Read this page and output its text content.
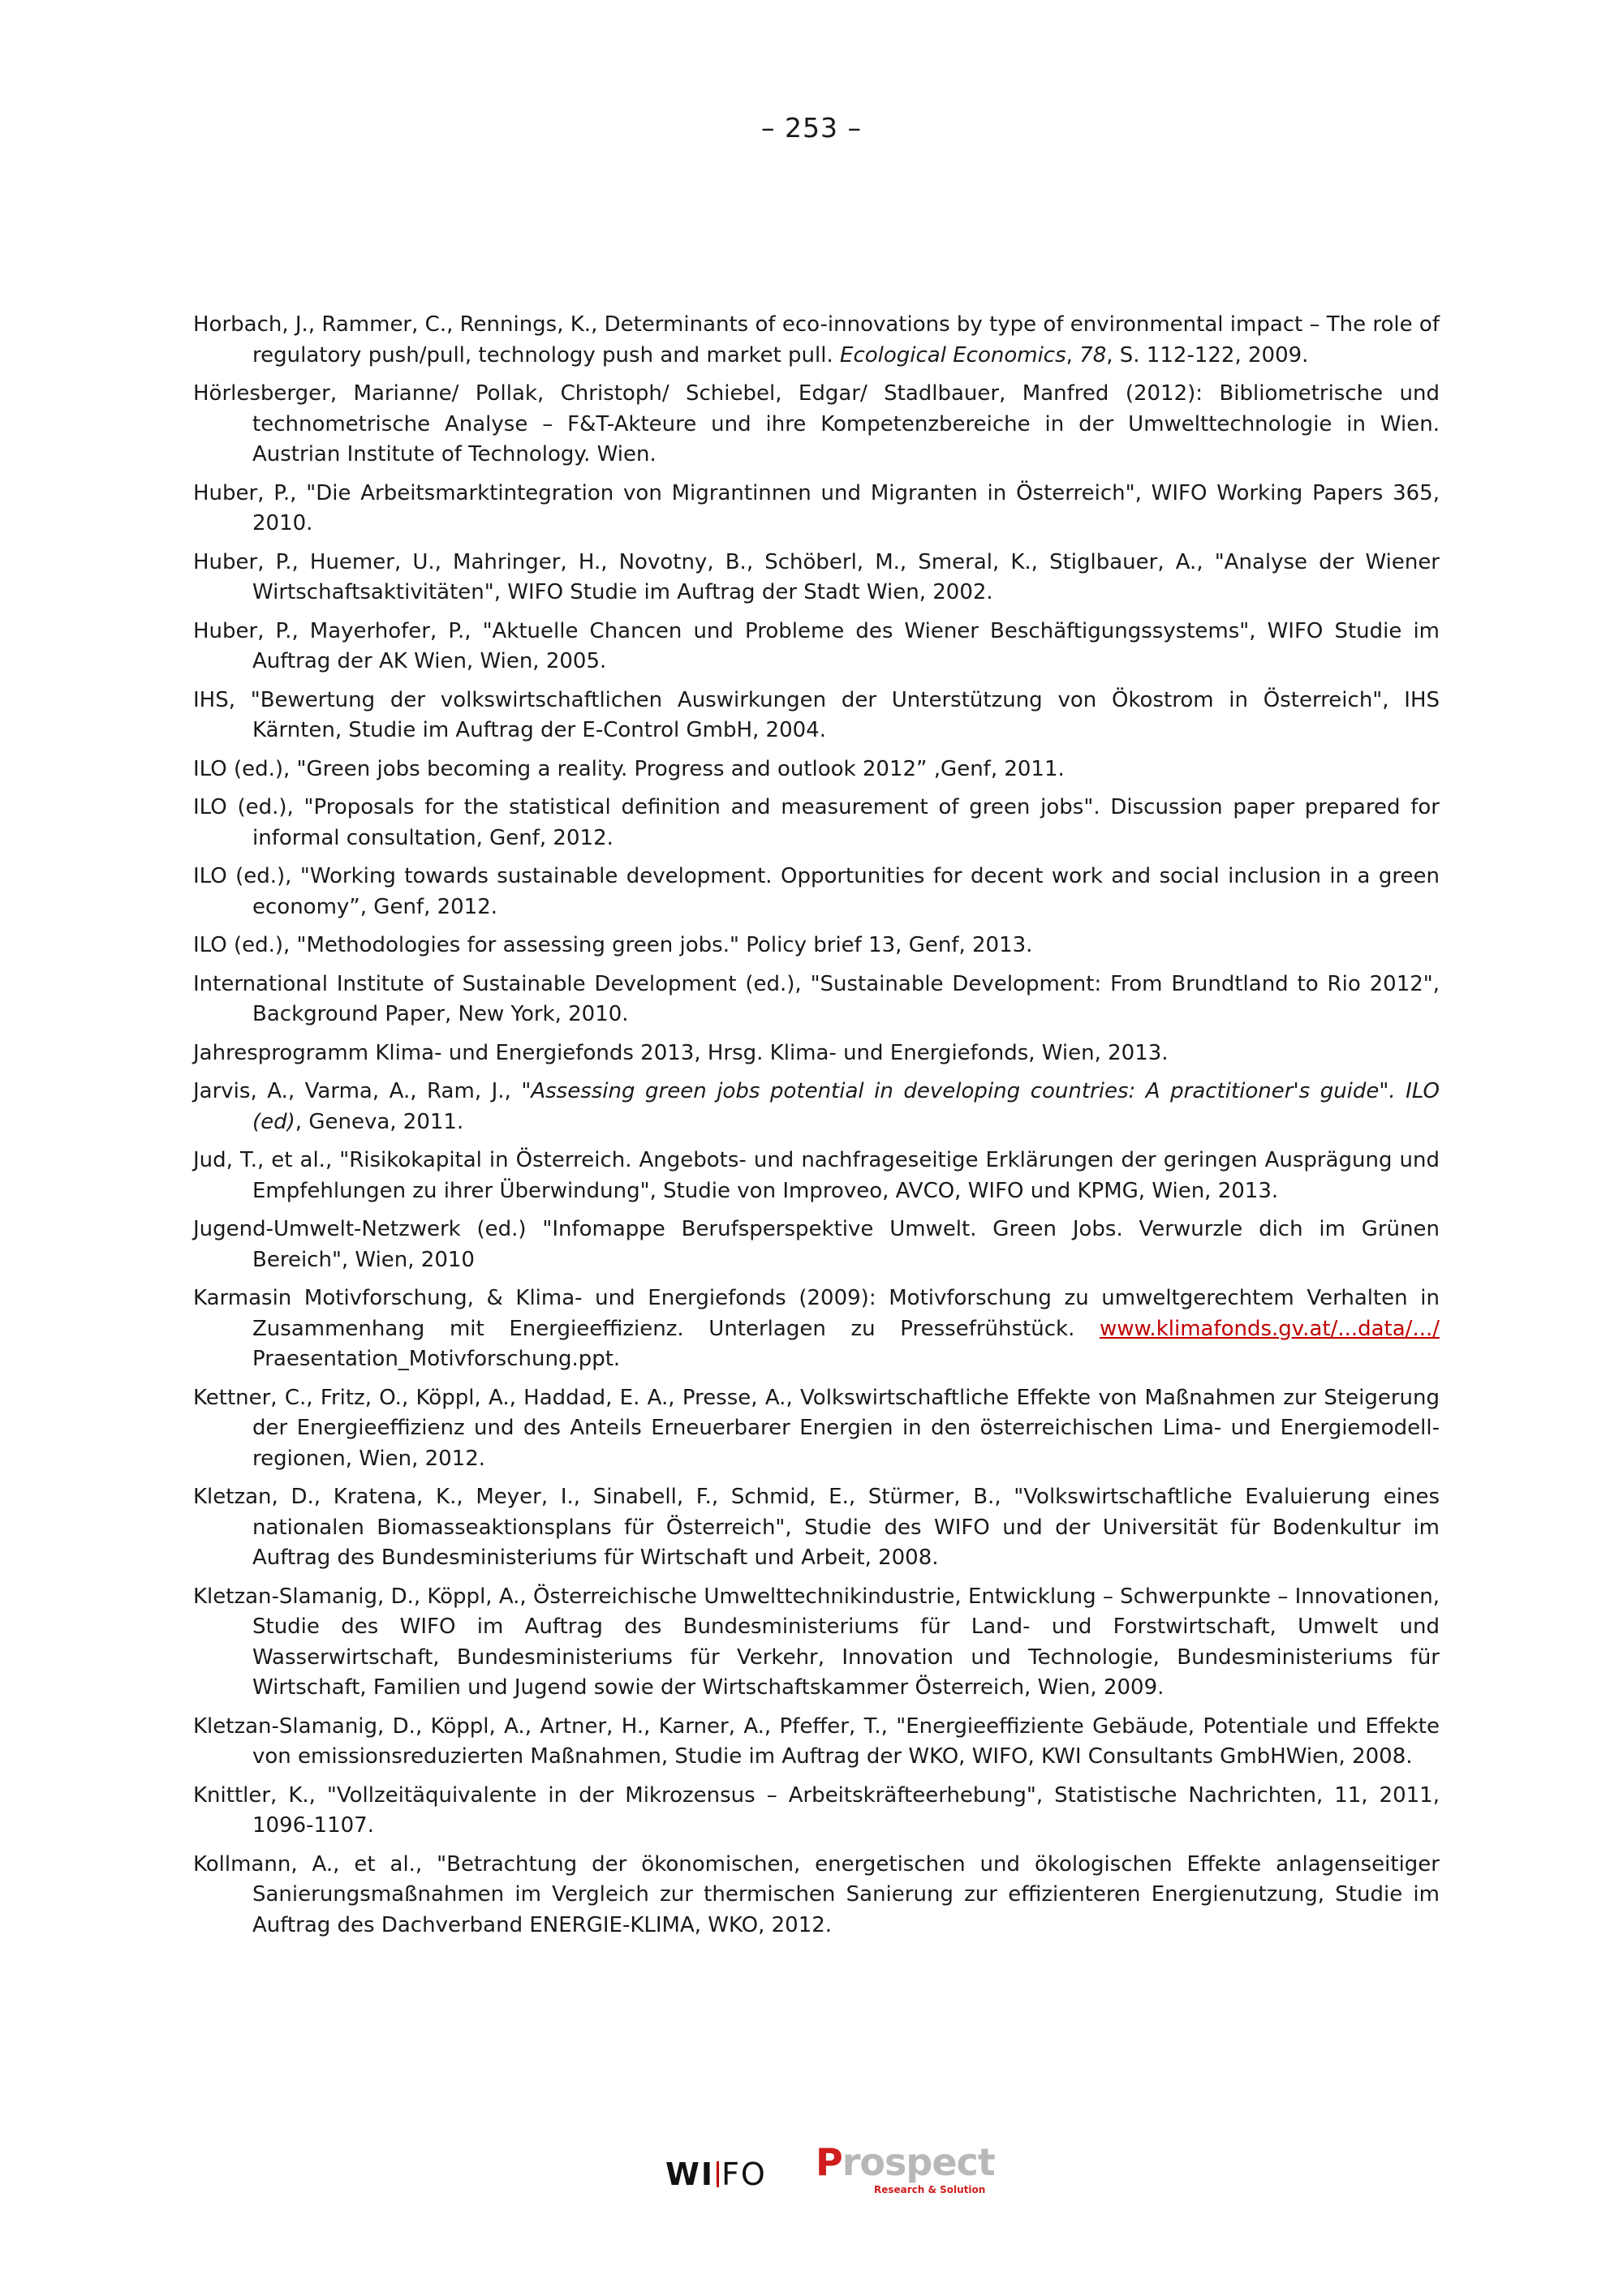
– 253 –

Horbach, J., Rammer, C., Rennings, K., Determinants of eco-innovations by type of environmental impact – The role of regulatory push/pull, technology push and market pull. Ecological Economics, 78, S. 112-122, 2009.

Hörlesberger, Marianne/ Pollak, Christoph/ Schiebel, Edgar/ Stadlbauer, Manfred (2012): Bibliometrische und technometrische Analyse – F&T-Akteure und ihre Kompetenzbereiche in der Umwelttechnologie in Wien. Austrian Institute of Technology. Wien.

Huber, P., "Die Arbeitsmarktintegration von Migrantinnen und Migranten in Österreich", WIFO Working Papers 365, 2010.

Huber, P., Huemer, U., Mahringer, H., Novotny, B., Schöberl, M., Smeral, K., Stiglbauer, A., "Analyse der Wiener Wirtschaftsaktivitäten", WIFO Studie im Auftrag der Stadt Wien, 2002.

Huber, P., Mayerhofer, P., "Aktuelle Chancen und Probleme des Wiener Beschäftigungssystems", WIFO Studie im Auftrag der AK Wien, Wien, 2005.

IHS, "Bewertung der volkswirtschaftlichen Auswirkungen der Unterstützung von Ökostrom in Österreich", IHS Kärnten, Studie im Auftrag der E-Control GmbH, 2004.

ILO (ed.), "Green jobs becoming a reality. Progress and outlook 2012” ,Genf, 2011.

ILO (ed.), "Proposals for the statistical definition and measurement of green jobs". Discussion paper prepared for informal consultation, Genf, 2012.

ILO (ed.), "Working towards sustainable development. Opportunities for decent work and social inclusion in a green economy”, Genf, 2012.

ILO (ed.), "Methodologies for assessing green jobs." Policy brief 13, Genf, 2013.

International Institute of Sustainable Development (ed.), "Sustainable Development: From Brundtland to Rio 2012", Background Paper, New York, 2010.

Jahresprogramm Klima- und Energiefonds 2013, Hrsg. Klima- und Energiefonds, Wien, 2013.

Jarvis, A., Varma, A., Ram, J., "Assessing green jobs potential in developing countries: A practitioner's guide". ILO (ed), Geneva, 2011.

Jud, T., et al., "Risikokapital in Österreich. Angebots- und nachfrageseitige Erklärungen der geringen Ausprägung und Empfehlungen zu ihrer Überwindung", Studie von Improveo, AVCO, WIFO und KPMG, Wien, 2013.

Jugend-Umwelt-Netzwerk (ed.) "Infomappe Berufsperspektive Umwelt. Green Jobs. Verwurzle dich im Grünen Bereich", Wien, 2010

Karmasin Motivforschung, & Klima- und Energiefonds (2009): Motivforschung zu umweltgerechtem Verhalten in Zusammenhang mit Energieeffizienz. Unterlagen zu Pressefrühstück. www.klimafonds.gv.at/...data/.../ Praesentation_Motivforschung.ppt.

Kettner, C., Fritz, O., Köppl, A., Haddad, E. A., Presse, A., Volkswirtschaftliche Effekte von Maßnahmen zur Steigerung der Energieeffizienz und des Anteils Erneuerbarer Energien in den österreichischen Lima- und Energiemodell-regionen, Wien, 2012.

Kletzan, D., Kratena, K., Meyer, I., Sinabell, F., Schmid, E., Stürmer, B., "Volkswirtschaftliche Evaluierung eines nationalen Biomasseaktionsplans für Österreich", Studie des WIFO und der Universität für Bodenkultur im Auftrag des Bundesministeriums für Wirtschaft und Arbeit, 2008.

Kletzan-Slamanig, D., Köppl, A., Österreichische Umwelttechnikindustrie, Entwicklung – Schwerpunkte – Innovationen, Studie des WIFO im Auftrag des Bundesministeriums für Land- und Forstwirtschaft, Umwelt und Wasserwirtschaft, Bundesministeriums für Verkehr, Innovation und Technologie, Bundesministeriums für Wirtschaft, Familien und Jugend sowie der Wirtschaftskammer Österreich, Wien, 2009.

Kletzan-Slamanig, D., Köppl, A., Artner, H., Karner, A., Pfeffer, T., "Energieeffiziente Gebäude, Potentiale und Effekte von emissionsreduzierten Maßnahmen, Studie im Auftrag der WKO, WIFO, KWI Consultants GmbHWien, 2008.

Knittler, K., "Vollzeitäquivalente in der Mikrozensus – Arbeitskräfteerhebung", Statistische Nachrichten, 11, 2011, 1096-1107.

Kollmann, A., et al., "Betrachtung der ökonomischen, energetischen und ökologischen Effekte anlagenseitiger Sanierungsmaßnahmen im Vergleich zur thermischen Sanierung zur effizienteren Energienutzung, Studie im Auftrag des Dachverband ENERGIE-KLIMA, WKO, 2012.

WI FO Prospect
Research & Solution
